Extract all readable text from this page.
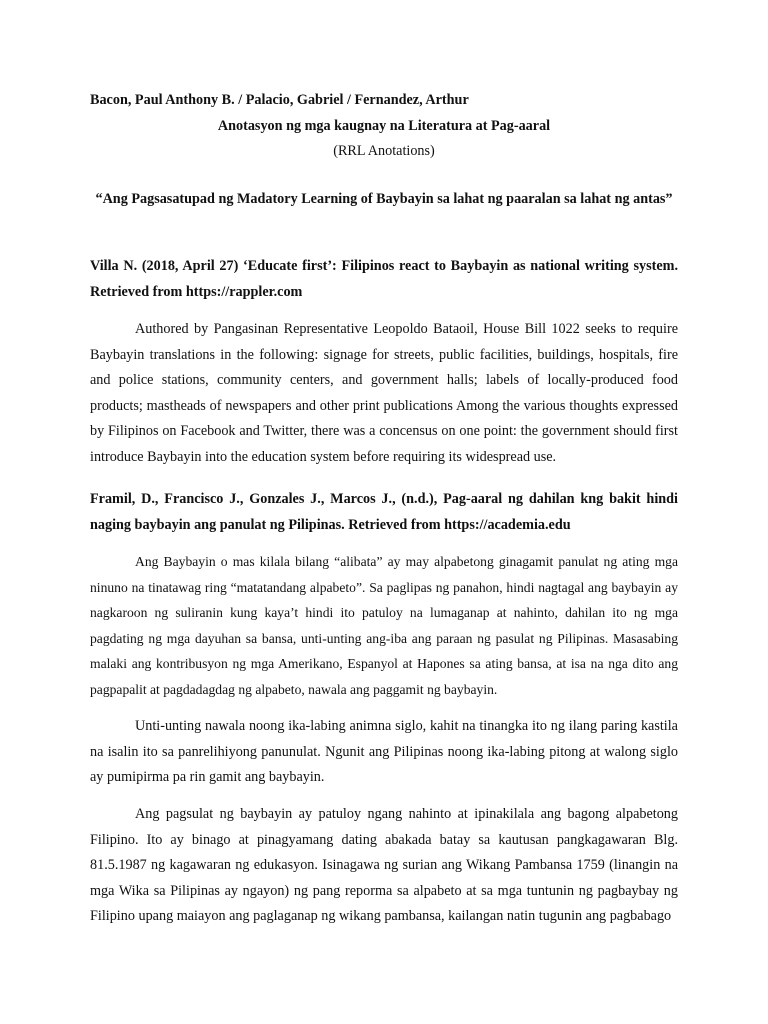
Bacon, Paul Anthony B. / Palacio, Gabriel / Fernandez, Arthur
Anotasyon ng mga kaugnay na Literatura at Pag-aaral
(RRL Anotations)
“Ang Pagsasatupad ng Madatory Learning of Baybayin sa lahat ng paaralan sa lahat ng antas”

Villa N. (2018, April 27) ‘Educate first’: Filipinos react to Baybayin as national writing system. Retrieved from https://rappler.com

Authored by Pangasinan Representative Leopoldo Bataoil, House Bill 1022 seeks to require Baybayin translations in the following: signage for streets, public facilities, buildings, hospitals, fire and police stations, community centers, and government halls; labels of locally-produced food products; mastheads of newspapers and other print publications Among the various thoughts expressed by Filipinos on Facebook and Twitter, there was a concensus on one point: the government should first introduce Baybayin into the education system before requiring its widespread use.

Framil, D., Francisco J., Gonzales J., Marcos J., (n.d.), Pag-aaral ng dahilan kng bakit hindi naging baybayin ang panulat ng Pilipinas. Retrieved from https://academia.edu

Ang Baybayin o mas kilala bilang “alibata” ay may alpabetong ginagamit panulat ng ating mga ninuno na tinatawag ring “matatandang alpabeto”. Sa paglipas ng panahon, hindi nagtagal ang baybayin ay nagkaroon ng suliranin kung kaya’t hindi ito patuloy na lumaganap at nahinto, dahilan ito ng mga pagdating ng mga dayuhan sa bansa, unti-unting ang-iba ang paraan ng pasulat ng Pilipinas. Masasabing malaki ang kontribusyon ng mga Amerikano, Espanyol at Hapones sa ating bansa, at isa na nga dito ang pagpapalit at pagdadagdag ng alpabeto, nawala ang paggamit ng baybayin.

Unti-unting nawala noong ika-labing animna siglo, kahit na tinangka ito ng ilang paring kastila na isalin ito sa panrelihiyong panunulat. Ngunit ang Pilipinas noong ika-labing pitong at walong siglo ay pumipirma pa rin gamit ang baybayin.

Ang pagsulat ng baybayin ay patuloy ngang nahinto at ipinakilala ang bagong alpabetong Filipino. Ito ay binago at pinagyamang dating abakada batay sa kautusan pangkagawaran Blg. 81.5.1987 ng kagawaran ng edukasyon. Isinagawa ng surian ang Wikang Pambansa 1759 (linangin na mga Wika sa Pilipinas ay ngayon) ng pang reporma sa alpabeto at sa mga tuntunin ng pagbaybay ng Filipino upang maiayon ang paglaganap ng wikang pambansa, kailangan natin tugunin ang pagbabago
